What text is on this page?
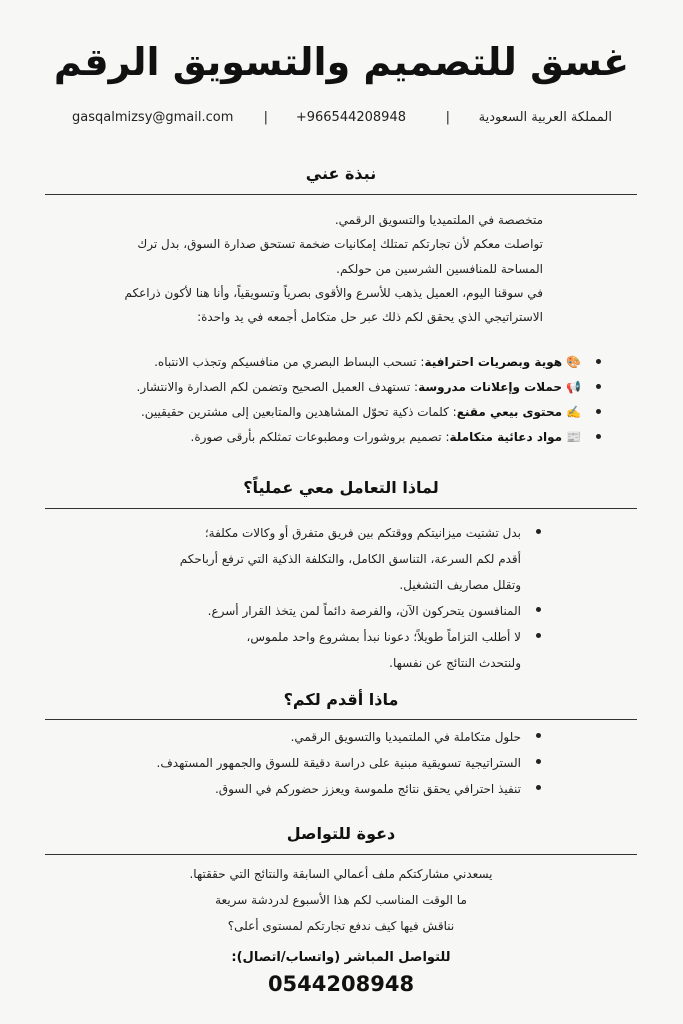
غسق للتصميم والتسويق الرقم
المملكة العربية السعودية
|
+966544208948
|
gasqalmizsy@gmail.com
نبذة عني

متخصصة في الملتميديا والتسويق الرقمي.

تواصلت معكم لأن تجارتكم تمتلك إمكانيات ضخمة تستحق صدارة السوق، بدل ترك

المساحة للمنافسين الشرسين من حولكم.

في سوقنا اليوم، العميل يذهب للأسرع والأقوى بصرياً وتسويقياً، وأنا هنا لأكون ذراعكم

الاستراتيجي الذي يحقق لكم ذلك عبر حل متكامل أجمعه في يد واحدة:

🎨هوية وبصريات احترافية: تسحب البساط البصري من منافسيكم وتجذب الانتباه.
📢حملات وإعلانات مدروسة: تستهدف العميل الصحيح وتضمن لكم الصدارة والانتشار.
✍️محتوى بيعي مقنع: كلمات ذكية تحوّل المشاهدين والمتابعين إلى مشترين حقيقيين.
📰مواد دعائية متكاملة: تصميم بروشورات ومطبوعات تمثلكم بأرقى صورة.
لماذا التعامل معي عملياً؟
بدل تشتيت ميزانيتكم ووقتكم بين فريق متفرق أو وكالات مكلفة؛
أقدم لكم السرعة، التناسق الكامل، والتكلفة الذكية التي ترفع أرباحكم
وتقلل مصاريف التشغيل.
المنافسون يتحركون الآن، والفرصة دائماً لمن يتخذ القرار أسرع.
لا أطلب التزاماً طويلاً؛ دعونا نبدأ بمشروع واحد ملموس،
ولنتحدث النتائج عن نفسها.
ماذا أقدم لكم؟
حلول متكاملة في الملتميديا والتسويق الرقمي.
الستراتيجية تسويقية مبنية على دراسة دقيقة للسوق والجمهور المستهدف.
تنفيذ احترافي يحقق نتائج ملموسة ويعزز حضوركم في السوق.
دعوة للتواصل

يسعدني مشاركتكم ملف أعمالي السابقة والنتائج التي حققتها.

ما الوقت المناسب لكم هذا الأسبوع لدردشة سريعة

نناقش فيها كيف ندفع تجارتكم لمستوى أعلى؟

للتواصل المباشر (واتساب/اتصال):
0544208948
